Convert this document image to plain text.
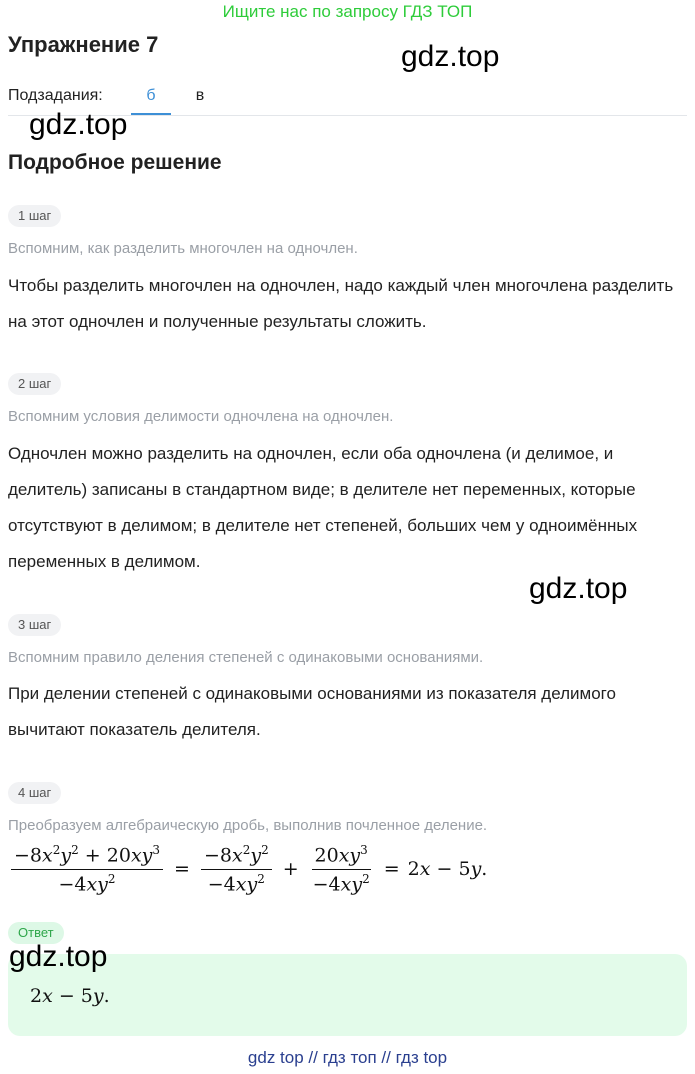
Ищите нас по запросу ГДЗ ТОП
Упражнение 7	gdz.top
Подзадания:	б	в
gdz.top
Подробное решение
1 шаг
Вспомним, как разделить многочлен на одночлен.
Чтобы разделить многочлен на одночлен, надо каждый член многочлена разделить на этот одночлен и полученные результаты сложить.
2 шаг
Вспомним условия делимости одночлена на одночлен.
Одночлен можно разделить на одночлен, если оба одночлена (и делимое, и делитель) записаны в стандартном виде; в делителе нет переменных, которые отсутствуют в делимом; в делителе нет степеней, больших чем у одноимённых переменных в делимом.
gdz.top
3 шаг
Вспомним правило деления степеней с одинаковыми основаниями.
При делении степеней с одинаковыми основаниями из показателя делимого вычитают показатель делителя.
4 шаг
Преобразуем алгебраическую дробь, выполнив почленное деление.
$\frac{-8x^2y^2 + 20xy^3}{-4xy^2} = \frac{-8x^2y^2}{-4xy^2} + \frac{20xy^3}{-4xy^2} = 2x - 5y$.
Ответ
gdz.top
2x − 5y.
gdz top // гдз топ // гдз top
